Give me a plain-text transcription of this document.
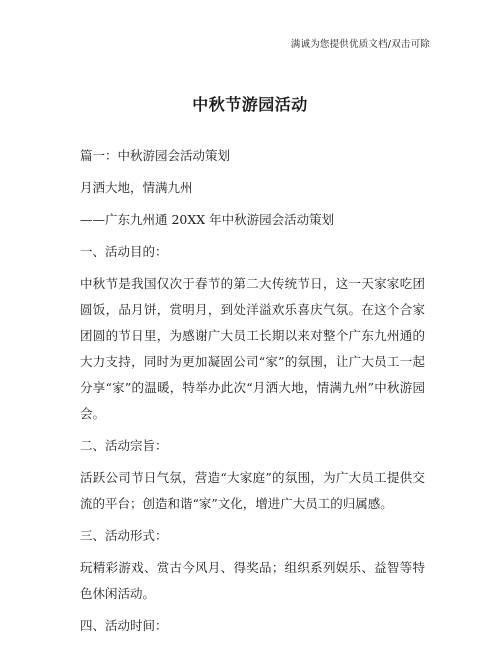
满诚为您提供优质文档/双击可除
中秋节游园活动

篇一：中秋游园会活动策划

月洒大地，情满九州

——广东九州通 20XX 年中秋游园会活动策划

一、活动目的：

中秋节是我国仅次于春节的第二大传统节日，这一天家家吃团圆饭，品月饼，赏明月，到处洋溢欢乐喜庆气氛。在这个合家团圆的节日里，为感谢广大员工长期以来对整个广东九州通的大力支持，同时为更加凝固公司“家”的氛围，让广大员工一起分享“家”的温暖，特举办此次“月洒大地，情满九州”中秋游园会。

二、活动宗旨：

活跃公司节日气氛，营造“大家庭”的氛围，为广大员工提供交流的平台；创造和谐“家”文化，增进广大员工的归属感。

三、活动形式：

玩精彩游戏、赏古今风月、得奖品；组织系列娱乐、益智等特色休闲活动。

四、活动时间：
